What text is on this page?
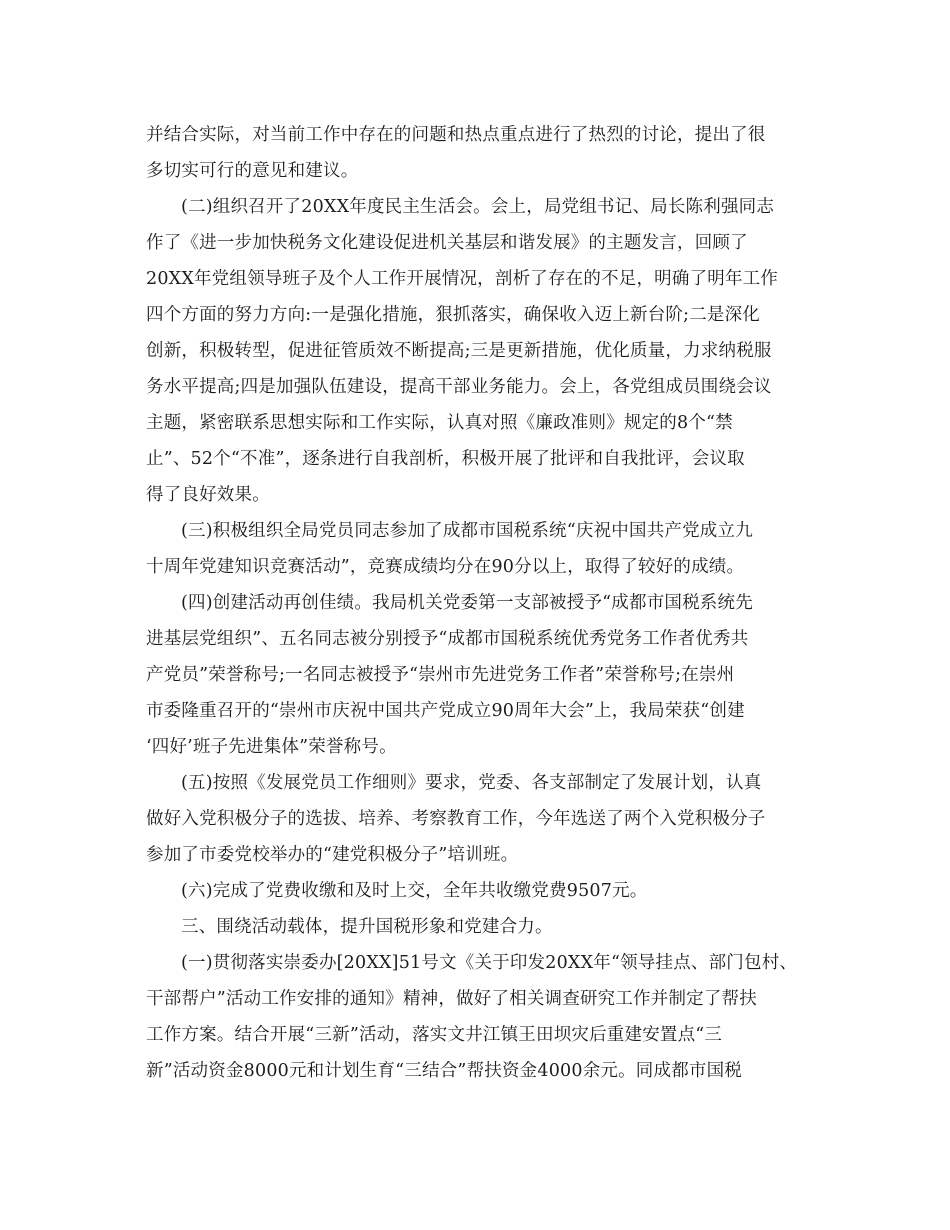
并结合实际，对当前工作中存在的问题和热点重点进行了热烈的讨论，提出了很
多切实可行的意见和建议。
(二)组织召开了20XX年度民主生活会。会上，局党组书记、局长陈利强同志
作了《进一步加快税务文化建设促进机关基层和谐发展》的主题发言，回顾了
20XX年党组领导班子及个人工作开展情况，剖析了存在的不足，明确了明年工作
四个方面的努力方向:一是强化措施，狠抓落实，确保收入迈上新台阶;二是深化
创新，积极转型，促进征管质效不断提高;三是更新措施，优化质量，力求纳税服
务水平提高;四是加强队伍建设，提高干部业务能力。会上，各党组成员围绕会议
主题，紧密联系思想实际和工作实际，认真对照《廉政准则》规定的8个“禁
止”、52个“不准”，逐条进行自我剖析，积极开展了批评和自我批评，会议取
得了良好效果。
(三)积极组织全局党员同志参加了成都市国税系统“庆祝中国共产党成立九
十周年党建知识竞赛活动”，竞赛成绩均分在90分以上，取得了较好的成绩。
(四)创建活动再创佳绩。我局机关党委第一支部被授予“成都市国税系统先
进基层党组织”、五名同志被分别授予“成都市国税系统优秀党务工作者优秀共
产党员”荣誉称号;一名同志被授予“崇州市先进党务工作者”荣誉称号;在崇州
市委隆重召开的“崇州市庆祝中国共产党成立90周年大会”上，我局荣获“创建
‘四好’班子先进集体”荣誉称号。
(五)按照《发展党员工作细则》要求，党委、各支部制定了发展计划，认真
做好入党积极分子的选拔、培养、考察教育工作，今年选送了两个入党积极分子
参加了市委党校举办的“建党积极分子”培训班。
(六)完成了党费收缴和及时上交，全年共收缴党费9507元。
三、围绕活动载体，提升国税形象和党建合力。
(一)贯彻落实崇委办[20XX]51号文《关于印发20XX年“领导挂点、部门包村、
干部帮户”活动工作安排的通知》精神，做好了相关调查研究工作并制定了帮扶
工作方案。结合开展“三新”活动，落实文井江镇王田坝灾后重建安置点“三
新”活动资金8000元和计划生育“三结合”帮扶资金4000余元。同成都市国税
